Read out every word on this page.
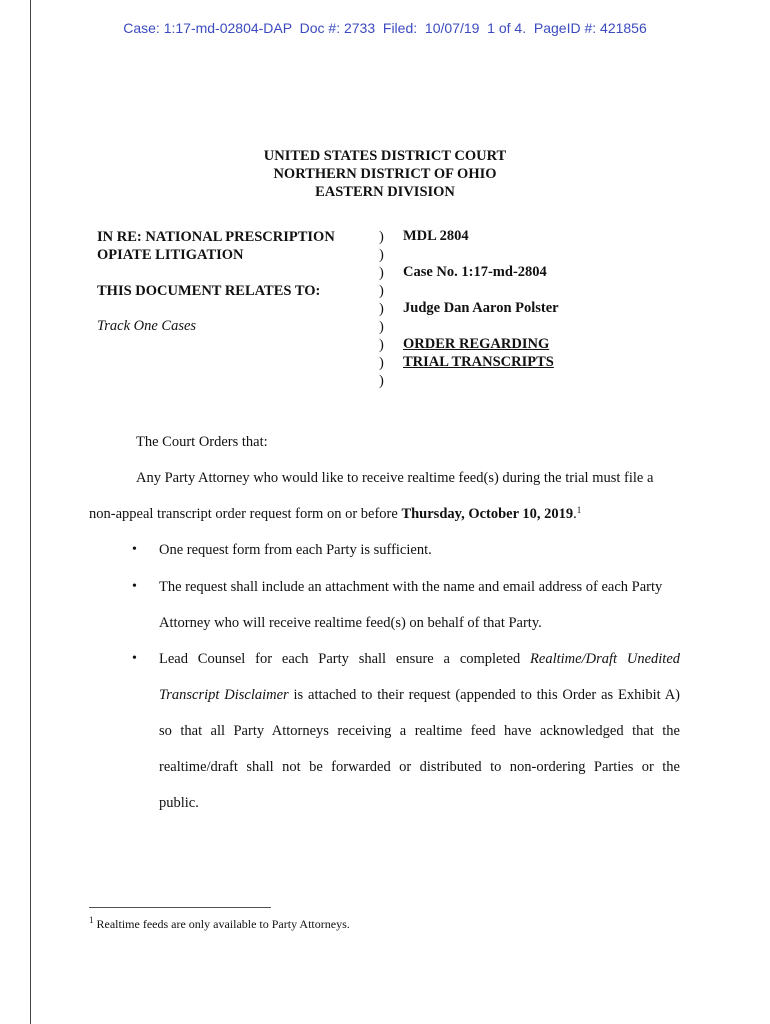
Case: 1:17-md-02804-DAP  Doc #: 2733  Filed:  10/07/19  1 of 4.  PageID #: 421856
UNITED STATES DISTRICT COURT
NORTHERN DISTRICT OF OHIO
EASTERN DIVISION
IN RE: NATIONAL PRESCRIPTION
OPIATE LITIGATION
THIS DOCUMENT RELATES TO:
Track One Cases
)
)
)
)
)
)
)
)
)
MDL 2804
Case No. 1:17-md-2804
Judge Dan Aaron Polster
ORDER REGARDING
TRIAL TRANSCRIPTS
The Court Orders that:
Any Party Attorney who would like to receive realtime feed(s) during the trial must file a
non-appeal transcript order request form on or before Thursday, October 10, 2019.$^1$
• One request form from each Party is sufficient.
• The request shall include an attachment with the name and email address of each Party
Attorney who will receive realtime feed(s) on behalf of that Party.
• Lead Counsel for each Party shall ensure a completed Realtime/Draft Unedited
Transcript Disclaimer is attached to their request (appended to this Order as Exhibit A)
so that all Party Attorneys receiving a realtime feed have acknowledged that the
realtime/draft shall not be forwarded or distributed to non-ordering Parties or the
public.
$^1$ Realtime feeds are only available to Party Attorneys.
